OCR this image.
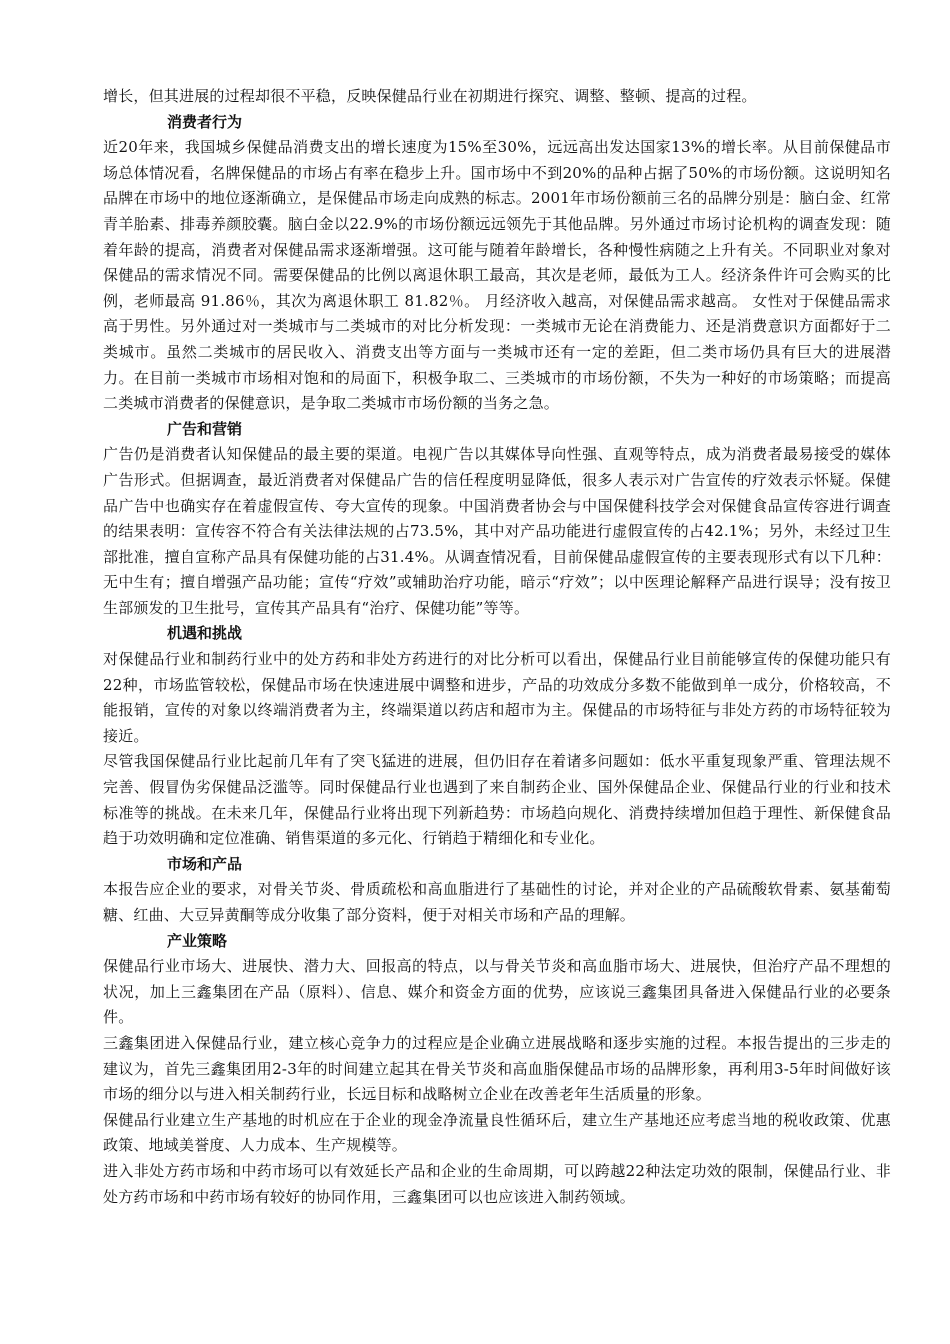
增长，但其进展的过程却很不平稳，反映保健品行业在初期进行探究、调整、整顿、提高的过程。

消费者行为

近20年来，我国城乡保健品消费支出的增长速度为15%至30%，远远高出发达国家13%的增长率。从目前保健品市场总体情况看，名牌保健品的市场占有率在稳步上升。国市场中不到20%的品种占据了50%的市场份额。这说明知名品牌在市场中的地位逐渐确立，是保健品市场走向成熟的标志。2001年市场份额前三名的品牌分别是：脑白金、红常青羊胎素、排毒养颜胶囊。脑白金以22.9%的市场份额远远领先于其他品牌。另外通过市场讨论机构的调查发现：随着年龄的提高，消费者对保健品需求逐渐增强。这可能与随着年龄增长，各种慢性病随之上升有关。不同职业对象对保健品的需求情况不同。需要保健品的比例以离退休职工最高，其次是老师，最低为工人。经济条件许可会购买的比例，老师最高 91.86％，其次为离退休职工 81.82％。 月经济收入越高，对保健品需求越高。 女性对于保健品需求高于男性。另外通过对一类城市与二类城市的对比分析发现：一类城市无论在消费能力、还是消费意识方面都好于二类城市。虽然二类城市的居民收入、消费支出等方面与一类城市还有一定的差距，但二类市场仍具有巨大的进展潜力。在目前一类城市市场相对饱和的局面下，积极争取二、三类城市的市场份额，不失为一种好的市场策略；而提高二类城市消费者的保健意识，是争取二类城市市场份额的当务之急。

广告和营销

广告仍是消费者认知保健品的最主要的渠道。电视广告以其媒体导向性强、直观等特点，成为消费者最易接受的媒体广告形式。但据调查，最近消费者对保健品广告的信任程度明显降低，很多人表示对广告宣传的疗效表示怀疑。保健品广告中也确实存在着虚假宣传、夸大宣传的现象。中国消费者协会与中国保健科技学会对保健食品宣传容进行调查的结果表明：宣传容不符合有关法律法规的占73.5%，其中对产品功能进行虚假宣传的占42.1%；另外，未经过卫生部批准，擅自宣称产品具有保健功能的占31.4%。从调查情况看，目前保健品虚假宣传的主要表现形式有以下几种：无中生有；擅自增强产品功能；宣传“疗效”或辅助治疗功能，暗示“疗效”；以中医理论解释产品进行误导；没有按卫生部颁发的卫生批号，宣传其产品具有“治疗、保健功能”等等。

机遇和挑战

对保健品行业和制药行业中的处方药和非处方药进行的对比分析可以看出，保健品行业目前能够宣传的保健功能只有22种，市场监管较松，保健品市场在快速进展中调整和进步，产品的功效成分多数不能做到单一成分，价格较高，不能报销，宣传的对象以终端消费者为主，终端渠道以药店和超市为主。保健品的市场特征与非处方药的市场特征较为接近。

尽管我国保健品行业比起前几年有了突飞猛进的进展，但仍旧存在着诸多问题如：低水平重复现象严重、管理法规不完善、假冒伪劣保健品泛滥等。同时保健品行业也遇到了来自制药企业、国外保健品企业、保健品行业的行业和技术标准等的挑战。在未来几年，保健品行业将出现下列新趋势：市场趋向规化、消费持续增加但趋于理性、新保健食品趋于功效明确和定位准确、销售渠道的多元化、行销趋于精细化和专业化。

市场和产品

本报告应企业的要求，对骨关节炎、骨质疏松和高血脂进行了基础性的讨论，并对企业的产品硫酸软骨素、氨基葡萄糖、红曲、大豆异黄酮等成分收集了部分资料，便于对相关市场和产品的理解。

产业策略

保健品行业市场大、进展快、潜力大、回报高的特点，以与骨关节炎和高血脂市场大、进展快，但治疗产品不理想的状况，加上三鑫集团在产品（原料）、信息、媒介和资金方面的优势，应该说三鑫集团具备进入保健品行业的必要条件。

三鑫集团进入保健品行业，建立核心竞争力的过程应是企业确立进展战略和逐步实施的过程。本报告提出的三步走的建议为，首先三鑫集团用2-3年的时间建立起其在骨关节炎和高血脂保健品市场的品牌形象，再利用3-5年时间做好该市场的细分以与进入相关制药行业，长远目标和战略树立企业在改善老年生活质量的形象。

保健品行业建立生产基地的时机应在于企业的现金净流量良性循环后，建立生产基地还应考虑当地的税收政策、优惠政策、地域美誉度、人力成本、生产规模等。

进入非处方药市场和中药市场可以有效延长产品和企业的生命周期，可以跨越22种法定功效的限制，保健品行业、非处方药市场和中药市场有较好的协同作用，三鑫集团可以也应该进入制药领域。
